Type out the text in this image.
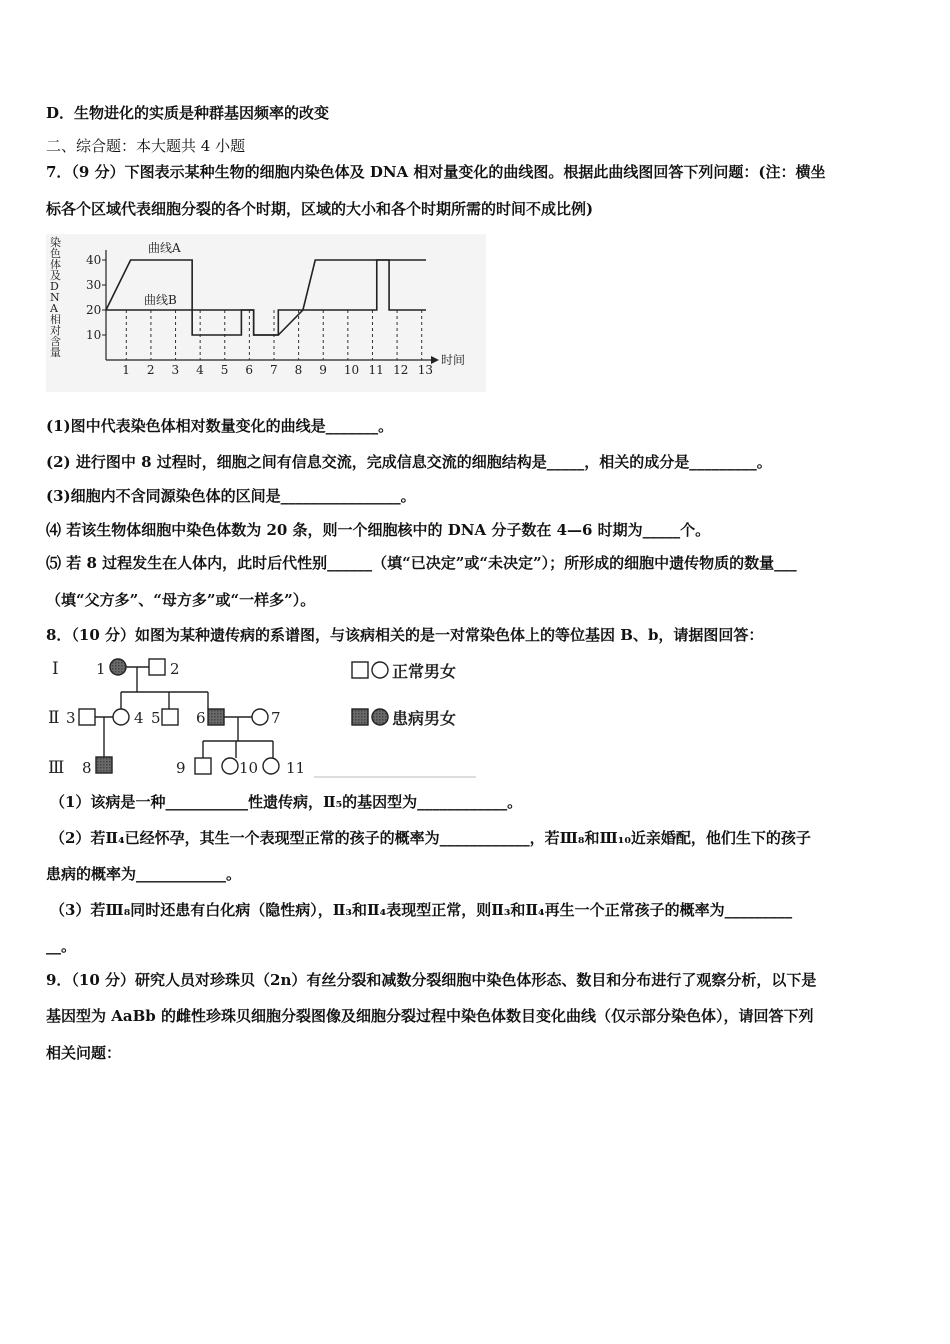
D．生物进化的实质是种群基因频率的改变
二、综合题：本大题共 4 小题
7．（9 分）下图表示某种生物的细胞内染色体及 DNA 相对量变化的曲线图。根据此曲线图回答下列问题：(注：横坐
标各个区域代表细胞分裂的各个时期，区域的大小和各个时期所需的时间不成比例)
染
色
体
及
D
N
A
相
对
含
量
时间
10
20
30
40
1 2 3 4 5 6 7 8 9 10 11 12 13
曲线A
曲线B
(1)图中代表染色体相对数量变化的曲线是_______。
(2) 进行图中 8 过程时，细胞之间有信息交流，完成信息交流的细胞结构是_____，相关的成分是_________。
(3)细胞内不含同源染色体的区间是________________。
⑷ 若该生物体细胞中染色体数为 20 条，则一个细胞核中的 DNA 分子数在 4—6 时期为_____个。
⑸ 若 8 过程发生在人体内，此时后代性别______（填“已决定”或“未决定”）；所形成的细胞中遗传物质的数量___
（填“父方多”、“母方多”或“一样多”）。
8．（10 分）如图为某种遗传病的系谱图，与该病相关的是一对常染色体上的等位基因 B、b，请据图回答：
Ⅰ 1	2
Ⅱ 3	4 5 6	7
Ⅲ 8	9	10 11
正常男女
患病男女
（1）该病是一种___________性遗传病，Ⅱ₅的基因型为____________。
（2）若Ⅱ₄已经怀孕，其生一个表现型正常的孩子的概率为____________，若Ⅲ₈和Ⅲ₁₀近亲婚配，他们生下的孩子
患病的概率为____________。
（3）若Ⅲ₈同时还患有白化病（隐性病），Ⅱ₃和Ⅱ₄表现型正常，则Ⅱ₃和Ⅱ₄再生一个正常孩子的概率为_________
__。
9．（10 分）研究人员对珍珠贝（2n）有丝分裂和减数分裂细胞中染色体形态、数目和分布进行了观察分析，以下是
基因型为 AaBb 的雌性珍珠贝细胞分裂图像及细胞分裂过程中染色体数目变化曲线（仅示部分染色体），请回答下列
相关问题：
